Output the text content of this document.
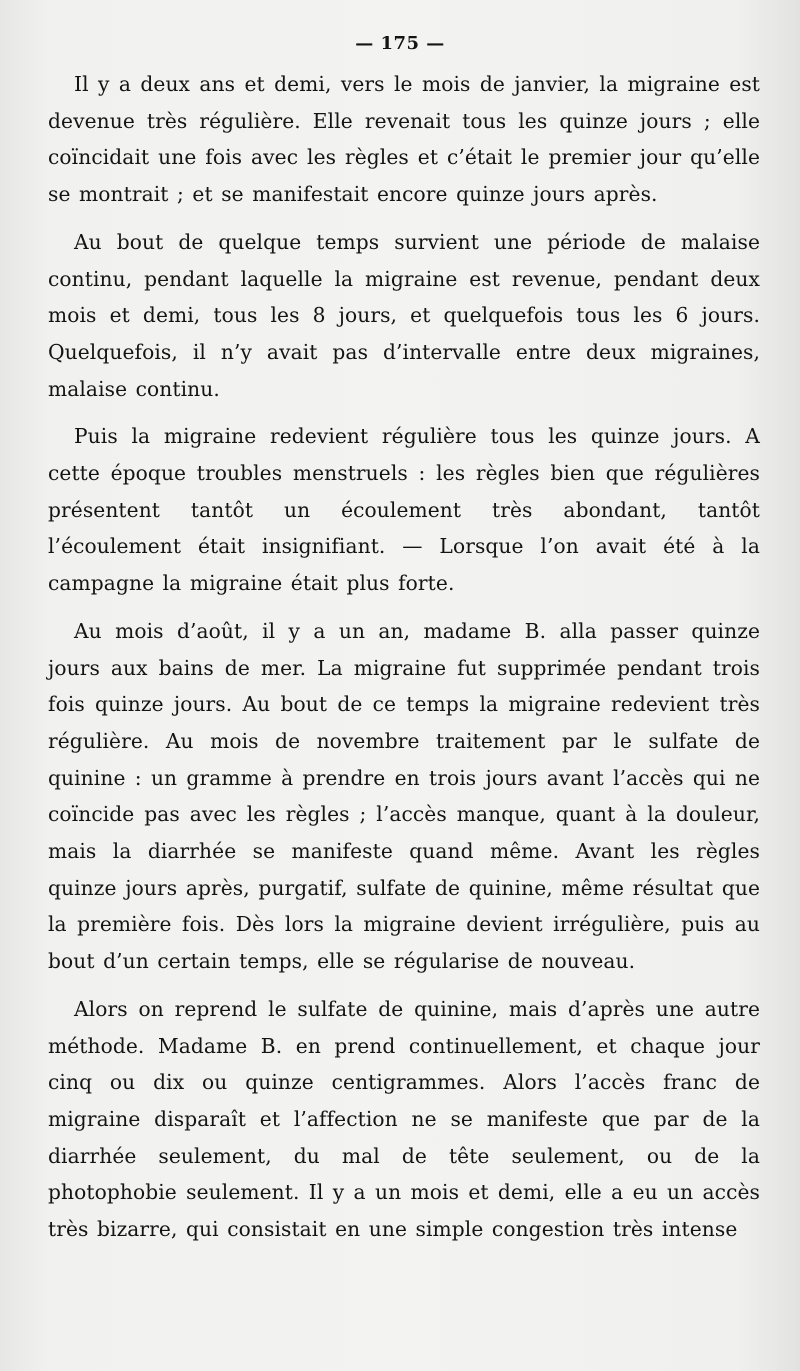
— 175 —

Il y a deux ans et demi, vers le mois de janvier, la migraine est devenue très régulière. Elle revenait tous les quinze jours ; elle coïncidait une fois avec les règles et c’était le premier jour qu’elle se montrait ; et se manifestait encore quinze jours après.

Au bout de quelque temps survient une période de malaise continu, pendant laquelle la migraine est revenue, pendant deux mois et demi, tous les 8 jours, et quelquefois tous les 6 jours. Quelquefois, il n’y avait pas d’intervalle entre deux migraines, malaise continu.

Puis la migraine redevient régulière tous les quinze jours. A cette époque troubles menstruels : les règles bien que régulières présentent tantôt un écoulement très abondant, tantôt l’écoulement était insignifiant. — Lorsque l’on avait été à la campagne la migraine était plus forte.

Au mois d’août, il y a un an, madame B. alla passer quinze jours aux bains de mer. La migraine fut supprimée pendant trois fois quinze jours. Au bout de ce temps la migraine redevient très régulière. Au mois de novembre traitement par le sulfate de quinine : un gramme à prendre en trois jours avant l’accès qui ne coïncide pas avec les règles ; l’accès manque, quant à la douleur, mais la diarrhée se manifeste quand même. Avant les règles quinze jours après, purgatif, sulfate de quinine, même résultat que la première fois. Dès lors la migraine devient irrégulière, puis au bout d’un certain temps, elle se régularise de nouveau.

Alors on reprend le sulfate de quinine, mais d’après une autre méthode. Madame B. en prend continuellement, et chaque jour cinq ou dix ou quinze centigrammes. Alors l’accès franc de migraine disparaît et l’affection ne se manifeste que par de la diarrhée seulement, du mal de tête seulement, ou de la photophobie seulement. Il y a un mois et demi, elle a eu un accès très bizarre, qui consistait en une simple congestion très intense
